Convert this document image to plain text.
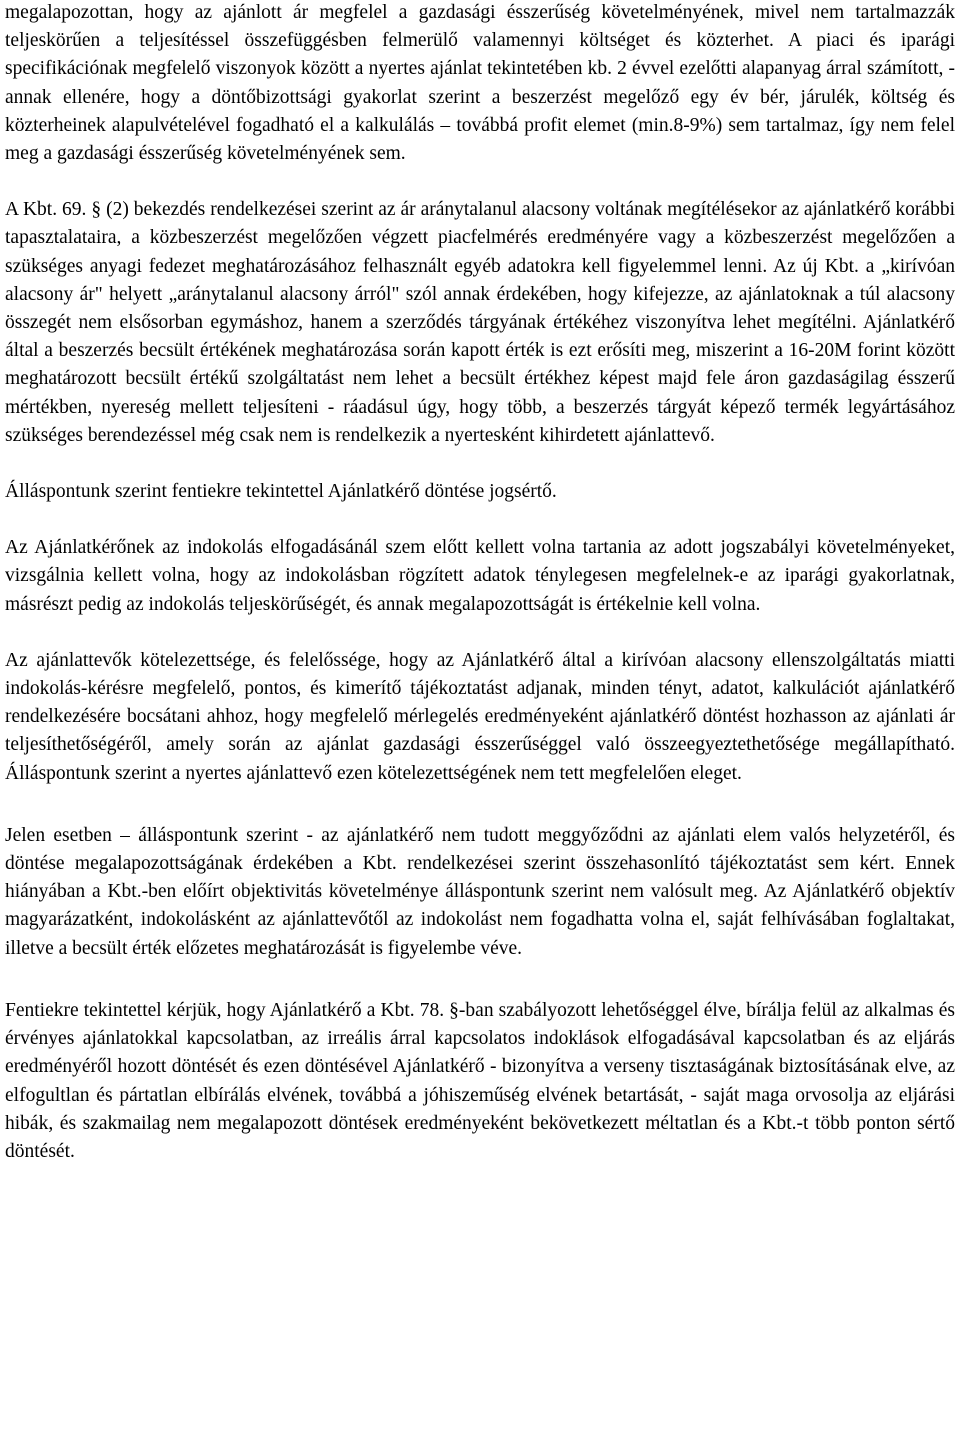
megalapozottan, hogy az ajánlott ár megfelel a gazdasági ésszerűség követelményének, mivel nem tartalmazzák teljeskörűen a teljesítéssel összefüggésben felmerülő valamennyi költséget és közterhet. A piaci és iparági specifikációnak megfelelő viszonyok között a nyertes ajánlat tekintetében kb. 2 évvel ezelőtti alapanyag árral számított, - annak ellenére, hogy a döntőbizottsági gyakorlat szerint a beszerzést megelőző egy év bér, járulék, költség és közterheinek alapulvételével fogadható el a kalkulálás – továbbá profit elemet (min.8-9%) sem tartalmaz, így nem felel meg a gazdasági ésszerűség követelményének sem.

A Kbt. 69. § (2) bekezdés rendelkezései szerint az ár aránytalanul alacsony voltának megítélésekor az ajánlatkérő korábbi tapasztalataira, a közbeszerzést megelőzően végzett piacfelmérés eredményére vagy a közbeszerzést megelőzően a szükséges anyagi fedezet meghatározásához felhasznált egyéb adatokra kell figyelemmel lenni. Az új Kbt. a „kirívóan alacsony ár" helyett „aránytalanul alacsony árról" szól annak érdekében, hogy kifejezze, az ajánlatoknak a túl alacsony összegét nem elsősorban egymáshoz, hanem a szerződés tárgyának értékéhez viszonyítva lehet megítélni. Ajánlatkérő által a beszerzés becsült értékének meghatározása során kapott érték is ezt erősíti meg, miszerint a 16-20M forint között meghatározott becsült értékű szolgáltatást nem lehet a becsült értékhez képest majd fele áron gazdaságilag ésszerű mértékben, nyereség mellett teljesíteni - ráadásul úgy, hogy több, a beszerzés tárgyát képező termék legyártásához szükséges berendezéssel még csak nem is rendelkezik a nyertesként kihirdetett ajánlattevő.

Álláspontunk szerint fentiekre tekintettel Ajánlatkérő döntése jogsértő.

Az Ajánlatkérőnek az indokolás elfogadásánál szem előtt kellett volna tartania az adott jogszabályi követelményeket, vizsgálnia kellett volna, hogy az indokolásban rögzített adatok ténylegesen megfelelnek-e az iparági gyakorlatnak, másrészt pedig az indokolás teljeskörűségét, és annak megalapozottságát is értékelnie kell volna.

Az ajánlattevők kötelezettsége, és felelőssége, hogy az Ajánlatkérő által a kirívóan alacsony ellenszolgáltatás miatti indokolás-kérésre megfelelő, pontos, és kimerítő tájékoztatást adjanak, minden tényt, adatot, kalkulációt ajánlatkérő rendelkezésére bocsátani ahhoz, hogy megfelelő mérlegelés eredményeként ajánlatkérő döntést hozhasson az ajánlati ár teljesíthetőségéről, amely során az ajánlat gazdasági ésszerűséggel való összeegyeztethetősége megállapítható. Álláspontunk szerint a nyertes ajánlattevő ezen kötelezettségének nem tett megfelelően eleget.

Jelen esetben – álláspontunk szerint - az ajánlatkérő nem tudott meggyőződni az ajánlati elem valós helyzetéről, és döntése megalapozottságának érdekében a Kbt. rendelkezései szerint összehasonlító tájékoztatást sem kért. Ennek hiányában a Kbt.-ben előírt objektivitás követelménye álláspontunk szerint nem valósult meg. Az Ajánlatkérő objektív magyarázatként, indokolásként az ajánlattevőtől az indokolást nem fogadhatta volna el, saját felhívásában foglaltakat, illetve a becsült érték előzetes meghatározását is figyelembe véve.

Fentiekre tekintettel kérjük, hogy Ajánlatkérő a Kbt. 78. §-ban szabályozott lehetőséggel élve, bírálja felül az alkalmas és érvényes ajánlatokkal kapcsolatban, az irreális árral kapcsolatos indoklások elfogadásával kapcsolatban és az eljárás eredményéről hozott döntését és ezen döntésével Ajánlatkérő - bizonyítva a verseny tisztaságának biztosításának elve, az elfogultlan és pártatlan elbírálás elvének, továbbá a jóhiszeműség elvének betartását, - saját maga orvosolja az eljárási hibák, és szakmailag nem megalapozott döntések eredményeként bekövetkezett méltatlan és a Kbt.-t több ponton sértő döntését.
